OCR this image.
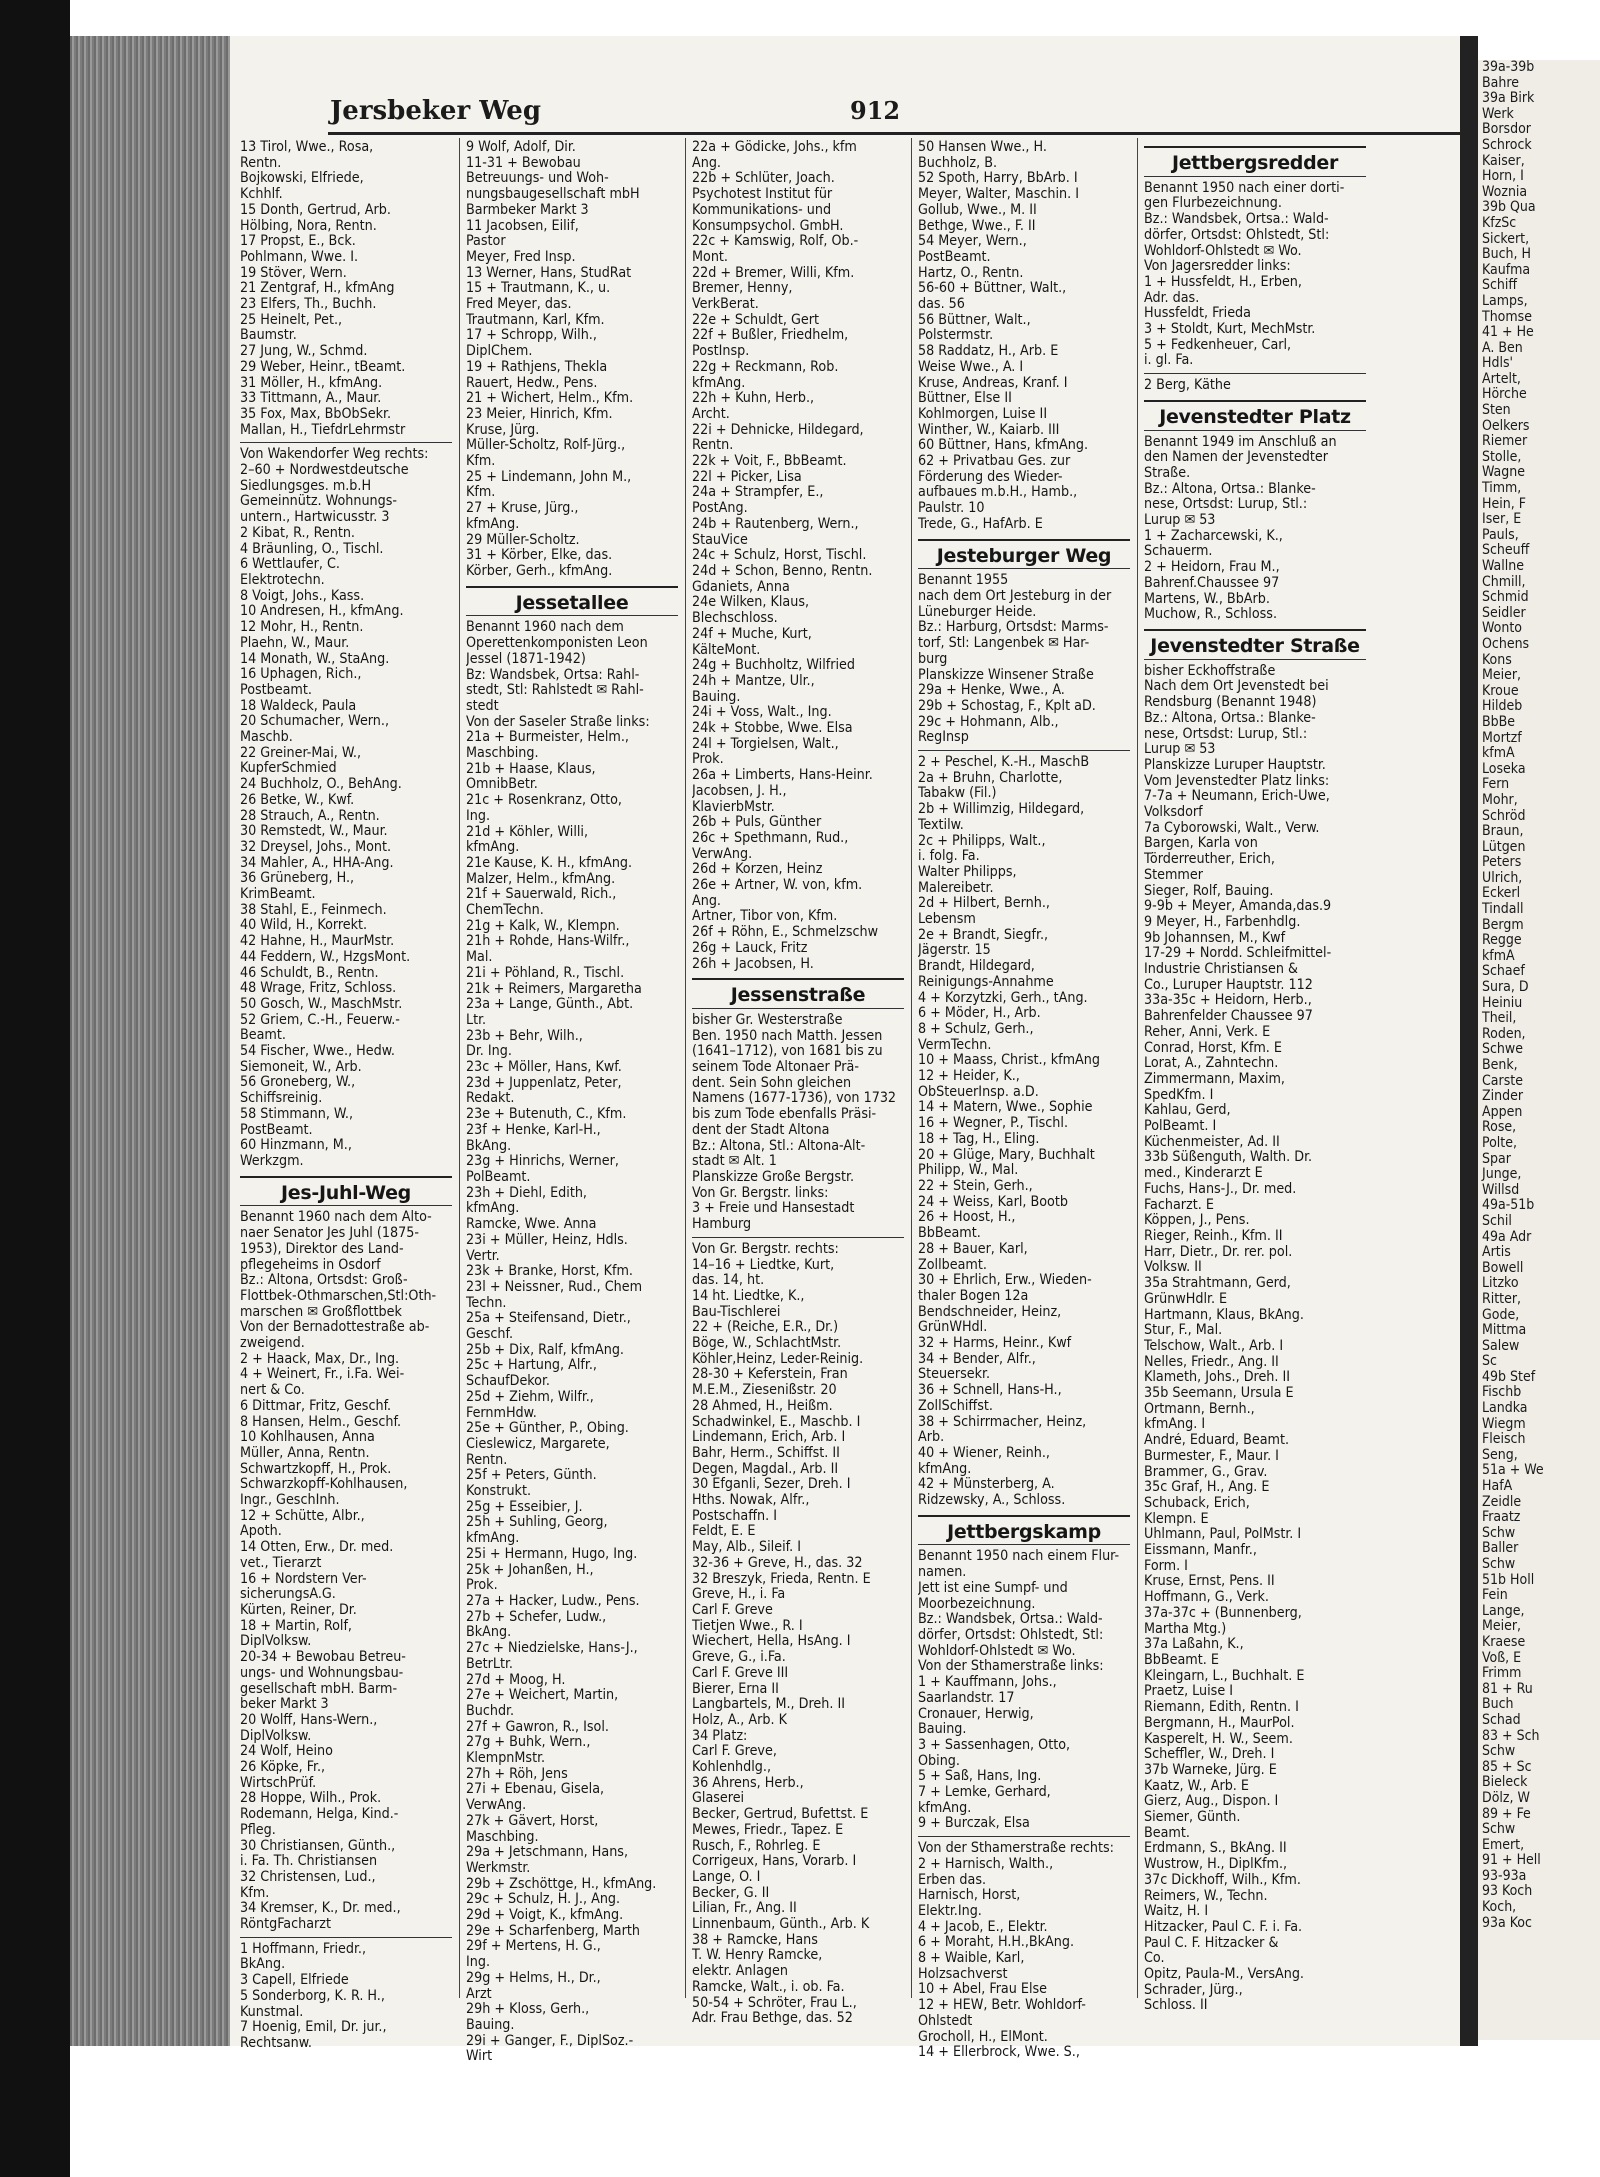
39a-39b
Bahre
39a Birk
Werk
Borsdor
Schrock
Kaiser,
Horn, I
Woznia
39b Qua
KfzSc
Sickert,
Buch, H
Kaufma
Schiff
Lamps,
Thomse
41 + He
A. Ben
Hdls'
Artelt,
Hörche
Sten
Oelkers
Riemer
Stolle,
Wagne
Timm,
Hein, F
Iser, E
Pauls,
Scheuff
Wallne
Chmill,
Schmid
Seidler
Wonto
Ochens
Kons
Meier,
Kroue
Hildeb
BbBe
Mortzf
kfmA
Loseka
Fern
Mohr,
Schröd
Braun,
Lütgen
Peters
Ulrich,
Eckerl
Tindall
Bergm
Regge
kfmA
Schaef
Sura, D
Heiniu
Theil,
Roden,
Schwe
Benk,
Carste
Zinder
Appen
Rose,
Polte,
Spar
Junge,
Willsd
49a-51b
Schil
49a Adr
Artis
Bowell
Litzko
Ritter,
Gode,
Mittma
Salew
Sc
49b Stef
Fischb
Landka
Wiegm
Fleisch
Seng,
51a + We
HafA
Zeidle
Fraatz
Schw
Baller
Schw
51b Holl
Fein
Lange,
Meier,
Kraese
Voß, E
Frimm
81 + Ru
Buch
Schad
83 + Sch
Schw
85 + Sc
Bieleck
Dölz, W
89 + Fe
Schw
Emert,
91 + Hell
93-93a
93 Koch
Koch,
93a Koc
Jersbeker Weg	912
13 Tirol, Wwe., Rosa,
Rentn.
Bojkowski, Elfriede,
Kchhlf.
15 Donth, Gertrud, Arb.
Hölbing, Nora, Rentn.
17 Propst, E., Bck.
Pohlmann, Wwe. I.
19 Stöver, Wern.
21 Zentgraf, H., kfmAng
23 Elfers, Th., Buchh.
25 Heinelt, Pet.,
Baumstr.
27 Jung, W., Schmd.
29 Weber, Heinr., tBeamt.
31 Möller, H., kfmAng.
33 Tittmann, A., Maur.
35 Fox, Max, BbObSekr.
Mallan, H., TiefdrLehrmstr
Von Wakendorfer Weg rechts:
2–60 + Nordwestdeutsche
Siedlungsges. m.b.H
Gemeinnütz. Wohnungs-
untern., Hartwicusstr. 3
2 Kibat, R., Rentn.
4 Bräunling, O., Tischl.
6 Wettlaufer, C.
Elektrotechn.
8 Voigt, Johs., Kass.
10 Andresen, H., kfmAng.
12 Mohr, H., Rentn.
Plaehn, W., Maur.
14 Monath, W., StaAng.
16 Uphagen, Rich.,
Postbeamt.
18 Waldeck, Paula
20 Schumacher, Wern.,
Maschb.
22 Greiner-Mai, W.,
KupferSchmied
24 Buchholz, O., BehAng.
26 Betke, W., Kwf.
28 Strauch, A., Rentn.
30 Remstedt, W., Maur.
32 Dreysel, Johs., Mont.
34 Mahler, A., HHA-Ang.
36 Grüneberg, H.,
KrimBeamt.
38 Stahl, E., Feinmech.
40 Wild, H., Korrekt.
42 Hahne, H., MaurMstr.
44 Feddern, W., HzgsMont.
46 Schuldt, B., Rentn.
48 Wrage, Fritz, Schloss.
50 Gosch, W., MaschMstr.
52 Griem, C.-H., Feuerw.-
Beamt.
54 Fischer, Wwe., Hedw.
Siemoneit, W., Arb.
56 Groneberg, W.,
Schiffsreinig.
58 Stimmann, W.,
PostBeamt.
60 Hinzmann, M.,
Werkzgm.
Jes-Juhl-Weg
Benannt 1960 nach dem Alto-
naer Senator Jes Juhl (1875-
1953), Direktor des Land-
pflegeheims in Osdorf
Bz.: Altona, Ortsdst: Groß-
Flottbek-Othmarschen,Stl:Oth-
marschen ✉ Großflottbek
Von der Bernadottestraße ab-
zweigend.
2 + Haack, Max, Dr., Ing.
4 + Weinert, Fr., i.Fa. Wei-
nert & Co.
6 Dittmar, Fritz, Geschf.
8 Hansen, Helm., Geschf.
10 Kohlhausen, Anna
Müller, Anna, Rentn.
Schwartzkopff, H., Prok.
Schwarzkopff-Kohlhausen,
Ingr., GeschInh.
12 + Schütte, Albr.,
Apoth.
14 Otten, Erw., Dr. med.
vet., Tierarzt
16 + Nordstern Ver-
sicherungsA.G.
Kürten, Reiner, Dr.
18 + Martin, Rolf,
DiplVolksw.
20-34 + Bewobau Betreu-
ungs- und Wohnungsbau-
gesellschaft mbH. Barm-
beker Markt 3
20 Wolff, Hans-Wern.,
DiplVolksw.
24 Wolf, Heino
26 Köpke, Fr.,
WirtschPrüf.
28 Hoppe, Wilh., Prok.
Rodemann, Helga, Kind.-
Pfleg.
30 Christiansen, Günth.,
i. Fa. Th. Christiansen
32 Christensen, Lud.,
Kfm.
34 Kremser, K., Dr. med.,
RöntgFacharzt
1 Hoffmann, Friedr.,
BkAng.
3 Capell, Elfriede
5 Sonderborg, K. R. H.,
Kunstmal.
7 Hoenig, Emil, Dr. jur.,
Rechtsanw.
9 Wolf, Adolf, Dir.
11-31 + Bewobau
Betreuungs- und Woh-
nungsbaugesellschaft mbH
Barmbeker Markt 3
11 Jacobsen, Eilif,
Pastor
Meyer, Fred Insp.
13 Werner, Hans, StudRat
15 + Trautmann, K., u.
Fred Meyer, das.
Trautmann, Karl, Kfm.
17 + Schropp, Wilh.,
DiplChem.
19 + Rathjens, Thekla
Rauert, Hedw., Pens.
21 + Wichert, Helm., Kfm.
23 Meier, Hinrich, Kfm.
Kruse, Jürg.
Müller-Scholtz, Rolf-Jürg.,
Kfm.
25 + Lindemann, John M.,
Kfm.
27 + Kruse, Jürg.,
kfmAng.
29 Müller-Scholtz.
31 + Körber, Elke, das.
Körber, Gerh., kfmAng.
Jessetallee
Benannt 1960 nach dem
Operettenkomponisten Leon
Jessel (1871-1942)
Bz: Wandsbek, Ortsa: Rahl-
stedt, Stl: Rahlstedt ✉ Rahl-
stedt
Von der Saseler Straße links:
21a + Burmeister, Helm.,
Maschbing.
21b + Haase, Klaus,
OmnibBetr.
21c + Rosenkranz, Otto,
Ing.
21d + Köhler, Willi,
kfmAng.
21e Kause, K. H., kfmAng.
Malzer, Helm., kfmAng.
21f + Sauerwald, Rich.,
ChemTechn.
21g + Kalk, W., Klempn.
21h + Rohde, Hans-Wilfr.,
Mal.
21i + Pöhland, R., Tischl.
21k + Reimers, Margaretha
23a + Lange, Günth., Abt.
Ltr.
23b + Behr, Wilh.,
Dr. Ing.
23c + Möller, Hans, Kwf.
23d + Juppenlatz, Peter,
Redakt.
23e + Butenuth, C., Kfm.
23f + Henke, Karl-H.,
BkAng.
23g + Hinrichs, Werner,
PolBeamt.
23h + Diehl, Edith,
kfmAng.
Ramcke, Wwe. Anna
23i + Müller, Heinz, Hdls.
Vertr.
23k + Branke, Horst, Kfm.
23l + Neissner, Rud., Chem
Techn.
25a + Steifensand, Dietr.,
Geschf.
25b + Dix, Ralf, kfmAng.
25c + Hartung, Alfr.,
SchaufDekor.
25d + Ziehm, Wilfr.,
FernmHdw.
25e + Günther, P., Obing.
Cieslewicz, Margarete,
Rentn.
25f + Peters, Günth.
Konstrukt.
25g + Esseibier, J.
25h + Suhling, Georg,
kfmAng.
25i + Hermann, Hugo, Ing.
25k + Johanßen, H.,
Prok.
27a + Hacker, Ludw., Pens.
27b + Schefer, Ludw.,
BkAng.
27c + Niedzielske, Hans-J.,
BetrLtr.
27d + Moog, H.
27e + Weichert, Martin,
Buchdr.
27f + Gawron, R., Isol.
27g + Buhk, Wern.,
KlempnMstr.
27h + Röh, Jens
27i + Ebenau, Gisela,
VerwAng.
27k + Gävert, Horst,
Maschbing.
29a + Jetschmann, Hans,
Werkmstr.
29b + Zschöttge, H., kfmAng.
29c + Schulz, H. J., Ang.
29d + Voigt, K., kfmAng.
29e + Scharfenberg, Marth
29f + Mertens, H. G.,
Ing.
29g + Helms, H., Dr.,
Arzt
29h + Kloss, Gerh.,
Bauing.
29i + Ganger, F., DiplSoz.-
Wirt
22a + Gödicke, Johs., kfm
Ang.
22b + Schlüter, Joach.
Psychotest Institut für
Kommunikations- und
Konsumpsychol. GmbH.
22c + Kamswig, Rolf, Ob.-
Mont.
22d + Bremer, Willi, Kfm.
Bremer, Henny,
VerkBerat.
22e + Schuldt, Gert
22f + Bußler, Friedhelm,
PostInsp.
22g + Reckmann, Rob.
kfmAng.
22h + Kuhn, Herb.,
Archt.
22i + Dehnicke, Hildegard,
Rentn.
22k + Voit, F., BbBeamt.
22l + Picker, Lisa
24a + Strampfer, E.,
PostAng.
24b + Rautenberg, Wern.,
StauVice
24c + Schulz, Horst, Tischl.
24d + Schon, Benno, Rentn.
Gdaniets, Anna
24e Wilken, Klaus,
Blechschloss.
24f + Muche, Kurt,
KälteMont.
24g + Buchholtz, Wilfried
24h + Mantze, Ulr.,
Bauing.
24i + Voss, Walt., Ing.
24k + Stobbe, Wwe. Elsa
24l + Torgielsen, Walt.,
Prok.
26a + Limberts, Hans-Heinr.
Jacobsen, J. H.,
KlavierbMstr.
26b + Puls, Günther
26c + Spethmann, Rud.,
VerwAng.
26d + Korzen, Heinz
26e + Artner, W. von, kfm.
Ang.
Artner, Tibor von, Kfm.
26f + Röhn, E., Schmelzschw
26g + Lauck, Fritz
26h + Jacobsen, H.
Jessenstraße
bisher Gr. Westerstraße
Ben. 1950 nach Matth. Jessen
(1641–1712), von 1681 bis zu
seinem Tode Altonaer Prä-
dent. Sein Sohn gleichen
Namens (1677-1736), von 1732
bis zum Tode ebenfalls Präsi-
dent der Stadt Altona
Bz.: Altona, Stl.: Altona-Alt-
stadt ✉ Alt. 1
Planskizze Große Bergstr.
Von Gr. Bergstr. links:
3 + Freie und Hansestadt
Hamburg
Von Gr. Bergstr. rechts:
14–16 + Liedtke, Kurt,
das. 14, ht.
14 ht. Liedtke, K.,
Bau-Tischlerei
22 + (Reiche, E.R., Dr.)
Böge, W., SchlachtMstr.
Köhler,Heinz, Leder-Reinig.
28-30 + Keferstein, Fran
M.E.M., Ziesenißstr. 20
28 Ahmed, H., Heißm.
Schadwinkel, E., Maschb. I
Lindemann, Erich, Arb. I
Bahr, Herm., Schiffst. II
Degen, Magdal., Arb. II
30 Efganli, Sezer, Dreh. I
Hths. Nowak, Alfr.,
Postschaffn. I
Feldt, E. E
May, Alb., Sileif. I
32-36 + Greve, H., das. 32
32 Breszyk, Frieda, Rentn. E
Greve, H., i. Fa
Carl F. Greve
Tietjen Wwe., R. I
Wiechert, Hella, HsAng. I
Greve, G., i.Fa.
Carl F. Greve III
Bierer, Erna II
Langbartels, M., Dreh. II
Holz, A., Arb. K
34 Platz:
Carl F. Greve,
Kohlenhdlg.,
36 Ahrens, Herb.,
Glaserei
Becker, Gertrud, Bufettst. E
Mewes, Friedr., Tapez. E
Rusch, F., Rohrleg. E
Corrigeux, Hans, Vorarb. I
Lange, O. I
Becker, G. II
Lilian, Fr., Ang. II
Linnenbaum, Günth., Arb. K
38 + Ramcke, Hans
T. W. Henry Ramcke,
elektr. Anlagen
Ramcke, Walt., i. ob. Fa.
50-54 + Schröter, Frau L.,
Adr. Frau Bethge, das. 52
50 Hansen Wwe., H.
Buchholz, B.
52 Spoth, Harry, BbArb. I
Meyer, Walter, Maschin. I
Gollub, Wwe., M. II
Bethge, Wwe., F. II
54 Meyer, Wern.,
PostBeamt.
Hartz, O., Rentn.
56-60 + Büttner, Walt.,
das. 56
56 Büttner, Walt.,
Polstermstr.
58 Raddatz, H., Arb. E
Weise Wwe., A. I
Kruse, Andreas, Kranf. I
Büttner, Else II
Kohlmorgen, Luise II
Winther, W., Kaiarb. III
60 Büttner, Hans, kfmAng.
62 + Privatbau Ges. zur
Förderung des Wieder-
aufbaues m.b.H., Hamb.,
Paulstr. 10
Trede, G., HafArb. E
Jesteburger Weg
Benannt 1955
nach dem Ort Jesteburg in der
Lüneburger Heide.
Bz.: Harburg, Ortsdst: Marms-
torf, Stl: Langenbek ✉ Har-
burg
Planskizze Winsener Straße
29a + Henke, Wwe., A.
29b + Schostag, F., Kplt aD.
29c + Hohmann, Alb.,
RegInsp
2 + Peschel, K.-H., MaschB
2a + Bruhn, Charlotte,
Tabakw (Fil.)
2b + Willimzig, Hildegard,
Textilw.
2c + Philipps, Walt.,
i. folg. Fa.
Walter Philipps,
Malereibetr.
2d + Hilbert, Bernh.,
Lebensm
2e + Brandt, Siegfr.,
Jägerstr. 15
Brandt, Hildegard,
Reinigungs-Annahme
4 + Korzytzki, Gerh., tAng.
6 + Möder, H., Arb.
8 + Schulz, Gerh.,
VermTechn.
10 + Maass, Christ., kfmAng
12 + Heider, K.,
ObSteuerInsp. a.D.
14 + Matern, Wwe., Sophie
16 + Wegner, P., Tischl.
18 + Tag, H., Eling.
20 + Glüge, Mary, Buchhalt
Philipp, W., Mal.
22 + Stein, Gerh.,
24 + Weiss, Karl, Bootb
26 + Hoost, H.,
BbBeamt.
28 + Bauer, Karl,
Zollbeamt.
30 + Ehrlich, Erw., Wieden-
thaler Bogen 12a
Bendschneider, Heinz,
GrünWHdl.
32 + Harms, Heinr., Kwf
34 + Bender, Alfr.,
Steuersekr.
36 + Schnell, Hans-H.,
ZollSchiffst.
38 + Schirrmacher, Heinz,
Arb.
40 + Wiener, Reinh.,
kfmAng.
42 + Münsterberg, A.
Ridzewsky, A., Schloss.
Jettbergskamp
Benannt 1950 nach einem Flur-
namen.
Jett ist eine Sumpf- und
Moorbezeichnung.
Bz.: Wandsbek, Ortsa.: Wald-
dörfer, Ortsdst: Ohlstedt, Stl:
Wohldorf-Ohlstedt ✉ Wo.
Von der Sthamerstraße links:
1 + Kauffmann, Johs.,
Saarlandstr. 17
Cronauer, Herwig,
Bauing.
3 + Sassenhagen, Otto,
Obing.
5 + Saß, Hans, Ing.
7 + Lemke, Gerhard,
kfmAng.
9 + Burczak, Elsa
Von der Sthamerstraße rechts:
2 + Harnisch, Walth.,
Erben das.
Harnisch, Horst,
Elektr.Ing.
4 + Jacob, E., Elektr.
6 + Moraht, H.H.,BkAng.
8 + Waible, Karl,
Holzsachverst
10 + Abel, Frau Else
12 + HEW, Betr. Wohldorf-
Ohlstedt
Grocholl, H., ElMont.
14 + Ellerbrock, Wwe. S.,
Jettbergsredder
Benannt 1950 nach einer dorti-
gen Flurbezeichnung.
Bz.: Wandsbek, Ortsa.: Wald-
dörfer, Ortsdst: Ohlstedt, Stl:
Wohldorf-Ohlstedt ✉ Wo.
Von Jagersredder links:
1 + Hussfeldt, H., Erben,
Adr. das.
Hussfeldt, Frieda
3 + Stoldt, Kurt, MechMstr.
5 + Fedkenheuer, Carl,
i. gl. Fa.
2 Berg, Käthe
Jevenstedter Platz
Benannt 1949 im Anschluß an
den Namen der Jevenstedter
Straße.
Bz.: Altona, Ortsa.: Blanke-
nese, Ortsdst: Lurup, Stl.:
Lurup ✉ 53
1 + Zacharcewski, K.,
Schauerm.
2 + Heidorn, Frau M.,
Bahrenf.Chaussee 97
Martens, W., BbArb.
Muchow, R., Schloss.
Jevenstedter Straße
bisher Eckhoffstraße
Nach dem Ort Jevenstedt bei
Rendsburg (Benannt 1948)
Bz.: Altona, Ortsa.: Blanke-
nese, Ortsdst: Lurup, Stl.:
Lurup ✉ 53
Planskizze Luruper Hauptstr.
Vom Jevenstedter Platz links:
7-7a + Neumann, Erich-Uwe,
Volksdorf
7a Cyborowski, Walt., Verw.
Bargen, Karla von
Törderreuther, Erich,
Stemmer
Sieger, Rolf, Bauing.
9-9b + Meyer, Amanda,das.9
9 Meyer, H., Farbenhdlg.
9b Johannsen, M., Kwf
17-29 + Nordd. Schleifmittel-
Industrie Christiansen &
Co., Luruper Hauptstr. 112
33a-35c + Heidorn, Herb.,
Bahrenfelder Chaussee 97
Reher, Anni, Verk. E
Conrad, Horst, Kfm. E
Lorat, A., Zahntechn.
Zimmermann, Maxim,
SpedKfm. I
Kahlau, Gerd,
PolBeamt. I
Küchenmeister, Ad. II
33b Süßenguth, Walth. Dr.
med., Kinderarzt E
Fuchs, Hans-J., Dr. med.
Facharzt. E
Köppen, J., Pens.
Rieger, Reinh., Kfm. II
Harr, Dietr., Dr. rer. pol.
Volksw. II
35a Strahtmann, Gerd,
GrünwHdlr. E
Hartmann, Klaus, BkAng.
Stur, F., Mal.
Telschow, Walt., Arb. I
Nelles, Friedr., Ang. II
Klameth, Johs., Dreh. II
35b Seemann, Ursula E
Ortmann, Bernh.,
kfmAng. I
André, Eduard, Beamt.
Burmester, F., Maur. I
Brammer, G., Grav.
35c Graf, H., Ang. E
Schuback, Erich,
Klempn. E
Uhlmann, Paul, PolMstr. I
Eissmann, Manfr.,
Form. I
Kruse, Ernst, Pens. II
Hoffmann, G., Verk.
37a-37c + (Bunnenberg,
Martha Mtg.)
37a Laßahn, K.,
BbBeamt. E
Kleingarn, L., Buchhalt. E
Praetz, Luise I
Riemann, Edith, Rentn. I
Bergmann, H., MaurPol.
Kasperelt, H. W., Seem.
Scheffler, W., Dreh. I
37b Warneke, Jürg. E
Kaatz, W., Arb. E
Gierz, Aug., Dispon. I
Siemer, Günth.
Beamt.
Erdmann, S., BkAng. II
Wustrow, H., DiplKfm.,
37c Dickhoff, Wilh., Kfm.
Reimers, W., Techn.
Waitz, H. I
Hitzacker, Paul C. F. i. Fa.
Paul C. F. Hitzacker &
Co.
Opitz, Paula-M., VersAng.
Schrader, Jürg.,
Schloss. II
